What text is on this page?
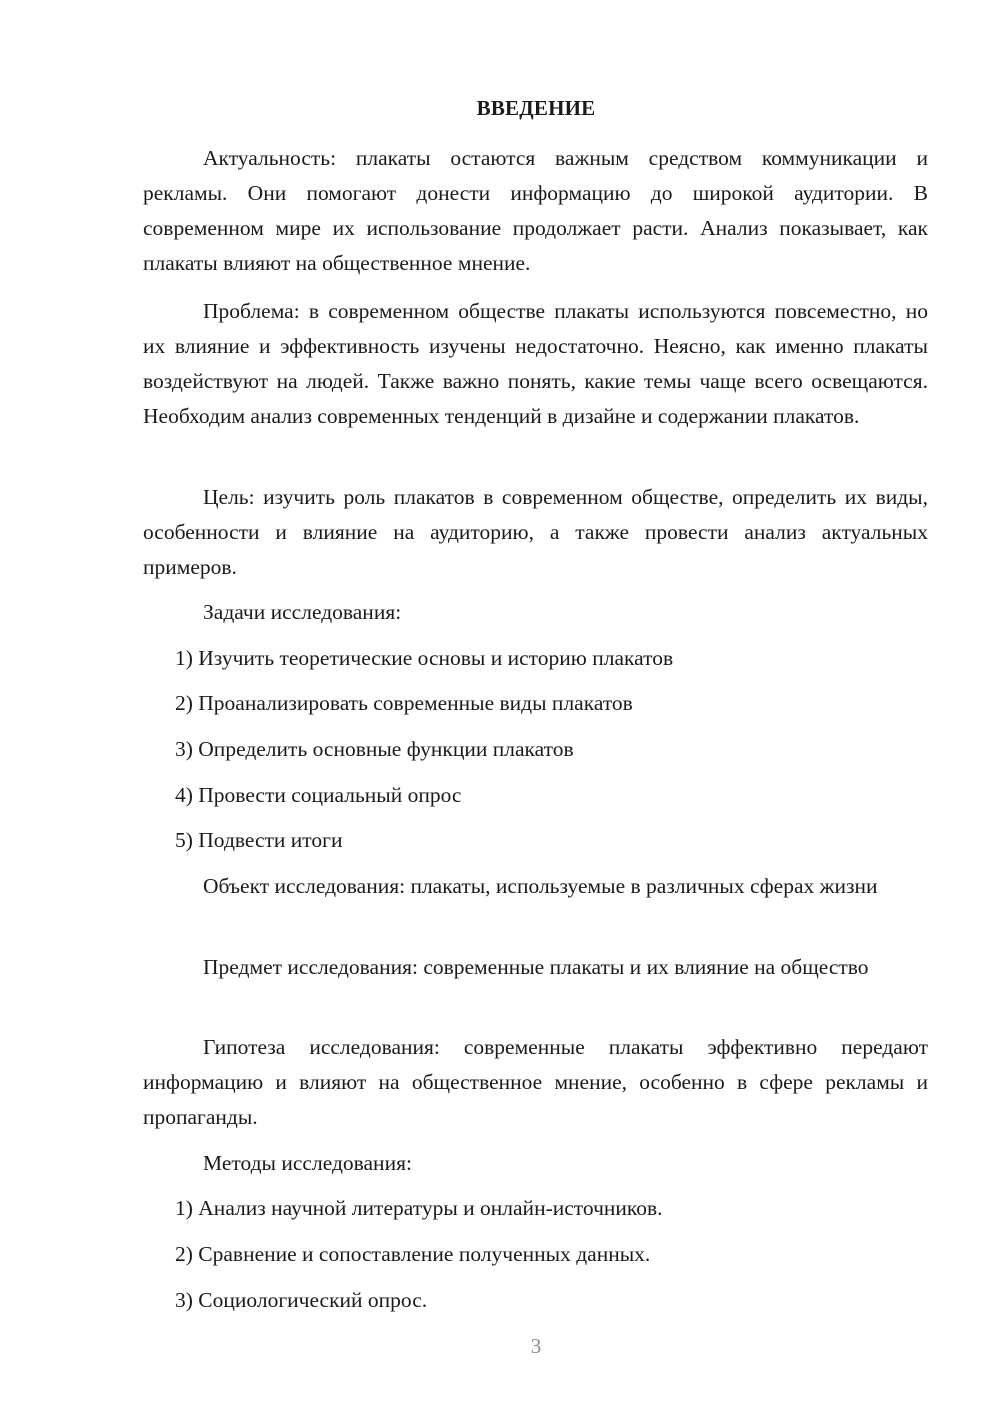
ВВЕДЕНИЕ

Актуальность: плакаты остаются важным средством коммуникации и рекламы. Они помогают донести информацию до широкой аудитории. В современном мире их использование продолжает расти. Анализ показывает, как плакаты влияют на общественное мнение.

Проблема: в современном обществе плакаты используются повсеместно, но их влияние и эффективность изучены недостаточно. Неясно, как именно плакаты воздействуют на людей. Также важно понять, какие темы чаще всего освещаются. Необходим анализ современных тенденций в дизайне и содержании плакатов.

Цель: изучить роль плакатов в современном обществе, определить их виды, особенности и влияние на аудиторию, а также провести анализ актуальных примеров.

Задачи исследования:

1) Изучить теоретические основы и историю плакатов

2) Проанализировать современные виды плакатов

3) Определить основные функции плакатов

4) Провести социальный опрос

5) Подвести итоги

Объект исследования: плакаты, используемые в различных сферах жизни

Предмет исследования: современные плакаты и их влияние на общество

Гипотеза исследования: современные плакаты эффективно передают информацию и влияют на общественное мнение, особенно в сфере рекламы и пропаганды.

Методы исследования:

1) Анализ научной литературы и онлайн-источников.

2) Сравнение и сопоставление полученных данных.

3) Социологический опрос.

3
